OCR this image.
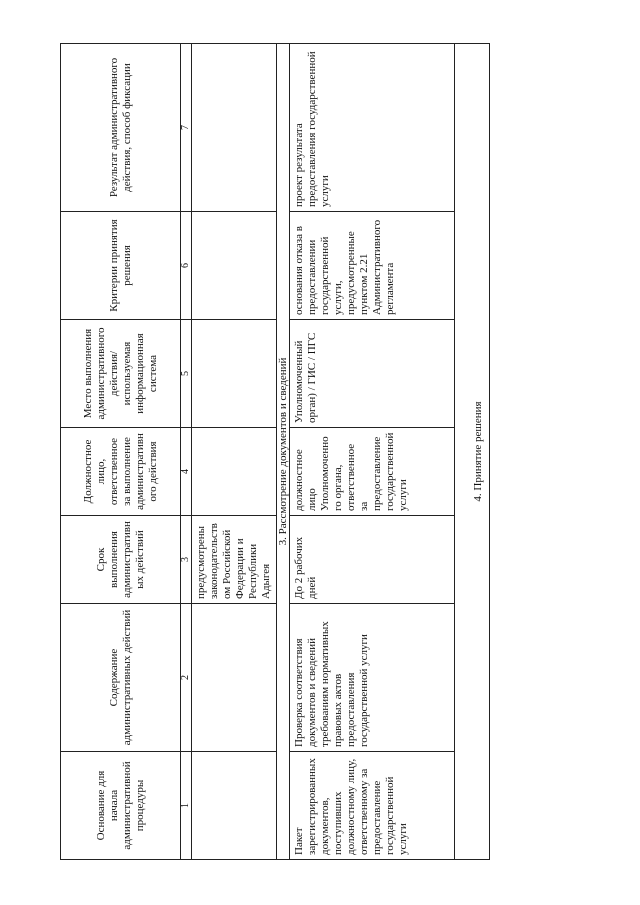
Основание для начала административной процедуры	Содержание административных действий	Срок выполнения административных действий	Должностное лицо, ответственное за выполнение административного действия	Место выполнения административного действия/ используемая информационная система	Критерии принятия решения	Результат административного действия, способ фиксации
1	2	3	4	5	6	7
		предусмотрены законодательством Российской Федерации и Республики Адыгея				
3. Рассмотрение документов и сведений						
Пакет зарегистрированных документов, поступивших должностному лицу, ответственному за предоставление государственной услуги	Проверка соответствия документов и сведений требованиям нормативных правовых актов предоставления государственной услуги	До 2 рабочих дней	должностное лицо Уполномоченного органа, ответственное за предоставление государственной услуги	Уполномоченный орган) / ГИС / ПГС	основания отказа в предоставлении государственной услуги, предусмотренные пунктом 2.21 Административного регламента	проект результата предоставления государственной услуги
4. Принятие решения						
